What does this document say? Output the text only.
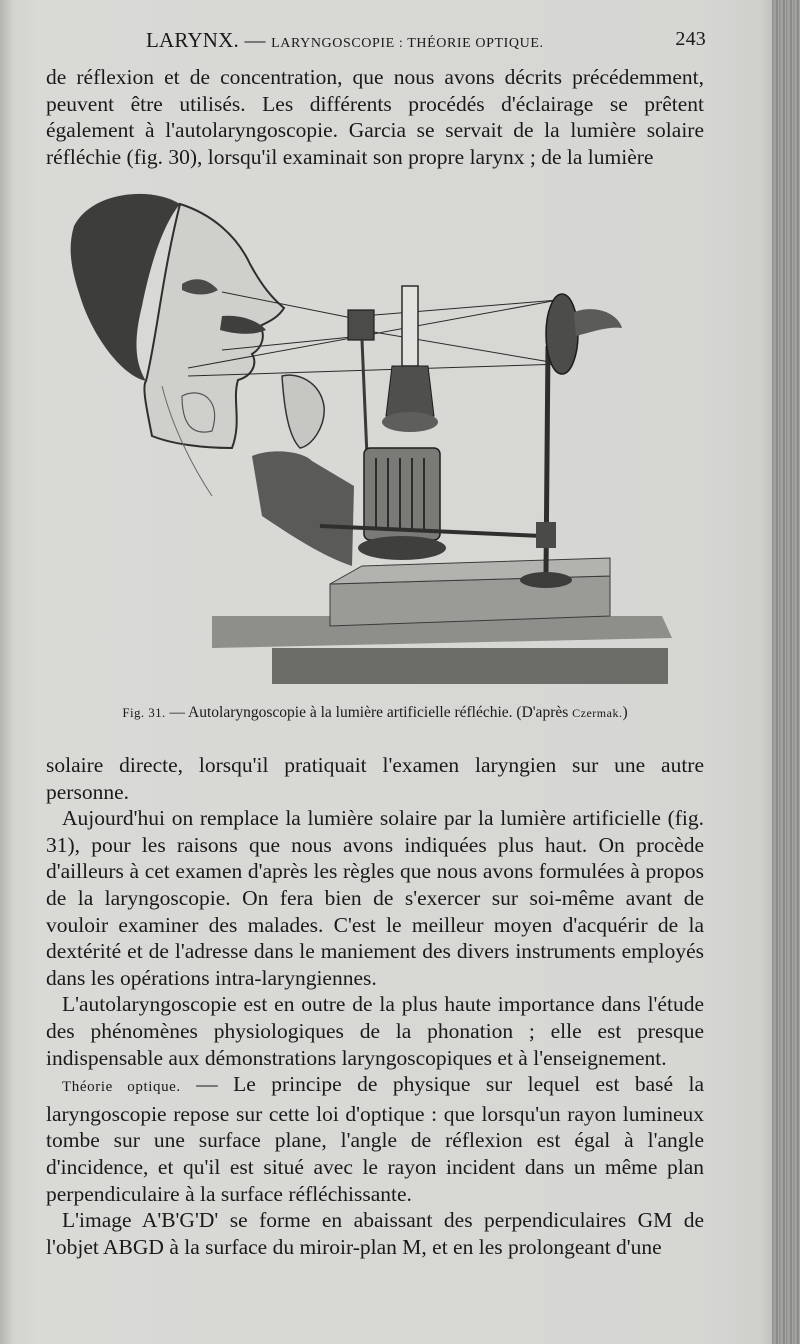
LARYNX. — LARYNGOSCOPIE : THÉORIE OPTIQUE.	243

de réflexion et de concentration, que nous avons décrits précédemment, peuvent être utilisés. Les différents procédés d'éclairage se prêtent également à l'autolaryngoscopie. Garcia se servait de la lumière solaire réfléchie (fig. 30), lorsqu'il examinait son propre larynx ; de la lumière

Fig. 31. — Autolaryngoscopie à la lumière artificielle réfléchie. (D'après Czermak.)

solaire directe, lorsqu'il pratiquait l'examen laryngien sur une autre personne.

Aujourd'hui on remplace la lumière solaire par la lumière artificielle (fig. 31), pour les raisons que nous avons indiquées plus haut. On procède d'ailleurs à cet examen d'après les règles que nous avons formulées à propos de la laryngoscopie. On fera bien de s'exercer sur soi-même avant de vouloir examiner des malades. C'est le meilleur moyen d'acquérir de la dextérité et de l'adresse dans le maniement des divers instruments employés dans les opérations intra-laryngiennes.

L'autolaryngoscopie est en outre de la plus haute importance dans l'étude des phénomènes physiologiques de la phonation ; elle est presque indispensable aux démonstrations laryngoscopiques et à l'enseignement.

Théorie optique. — Le principe de physique sur lequel est basé la laryngoscopie repose sur cette loi d'optique : que lorsqu'un rayon lumineux tombe sur une surface plane, l'angle de réflexion est égal à l'angle d'incidence, et qu'il est situé avec le rayon incident dans un même plan perpendiculaire à la surface réfléchissante.

L'image A'B'G'D' se forme en abaissant des perpendiculaires GM de l'objet ABGD à la surface du miroir-plan M, et en les prolongeant d'une
